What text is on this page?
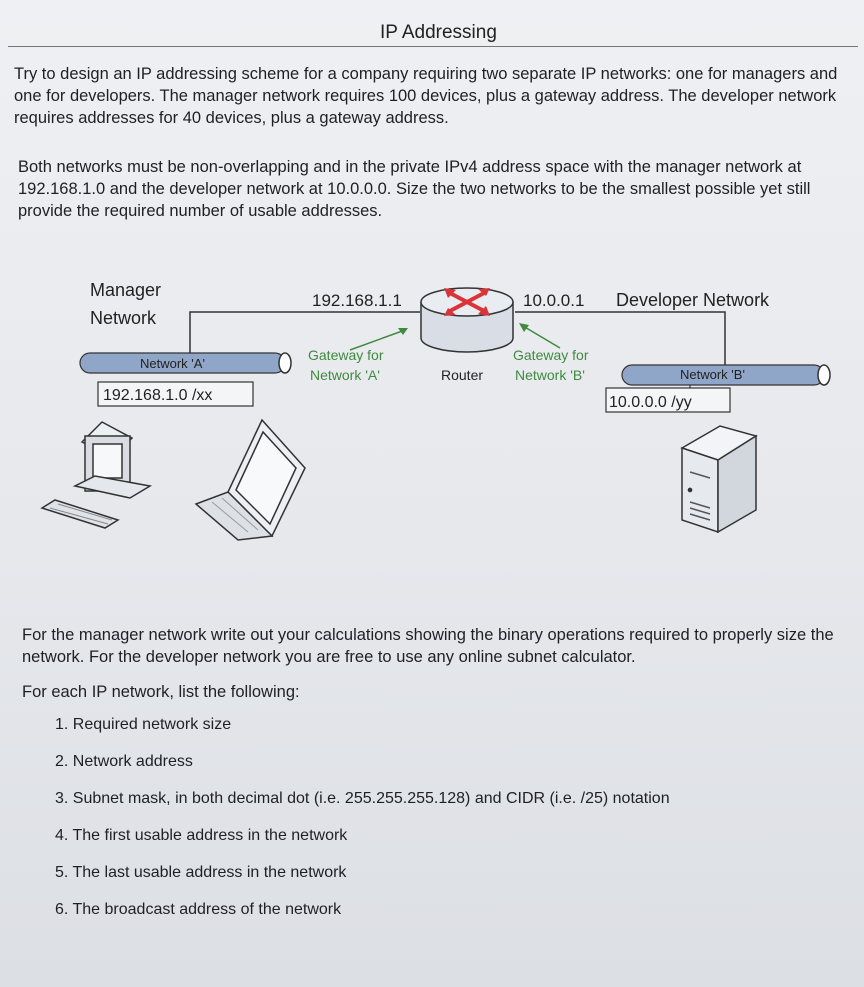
IP Addressing
Try to design an IP addressing scheme for a company requiring two separate IP networks: one for managers and one for developers. The manager network requires 100 devices, plus a gateway address. The developer network requires addresses for 40 devices, plus a gateway address.
Both networks must be non-overlapping and in the private IPv4 address space with the manager network at 192.168.1.0 and the developer network at 10.0.0.0. Size the two networks to be the smallest possible yet still provide the required number of usable addresses.
Manager
Network
Network 'A'
192.168.1.0 /xx
192.168.1.1
Gateway for
Network 'A'	Router
10.0.0.1 Developer Network
Gateway for
Network 'B'	Network 'B'
10.0.0.0 /yy
For the manager network write out your calculations showing the binary operations required to properly size the network. For the developer network you are free to use any online subnet calculator.
For each IP network, list the following:
1. Required network size
2. Network address
3. Subnet mask, in both decimal dot (i.e. 255.255.255.128) and CIDR (i.e. /25) notation
4. The first usable address in the network
5. The last usable address in the network
6. The broadcast address of the network
